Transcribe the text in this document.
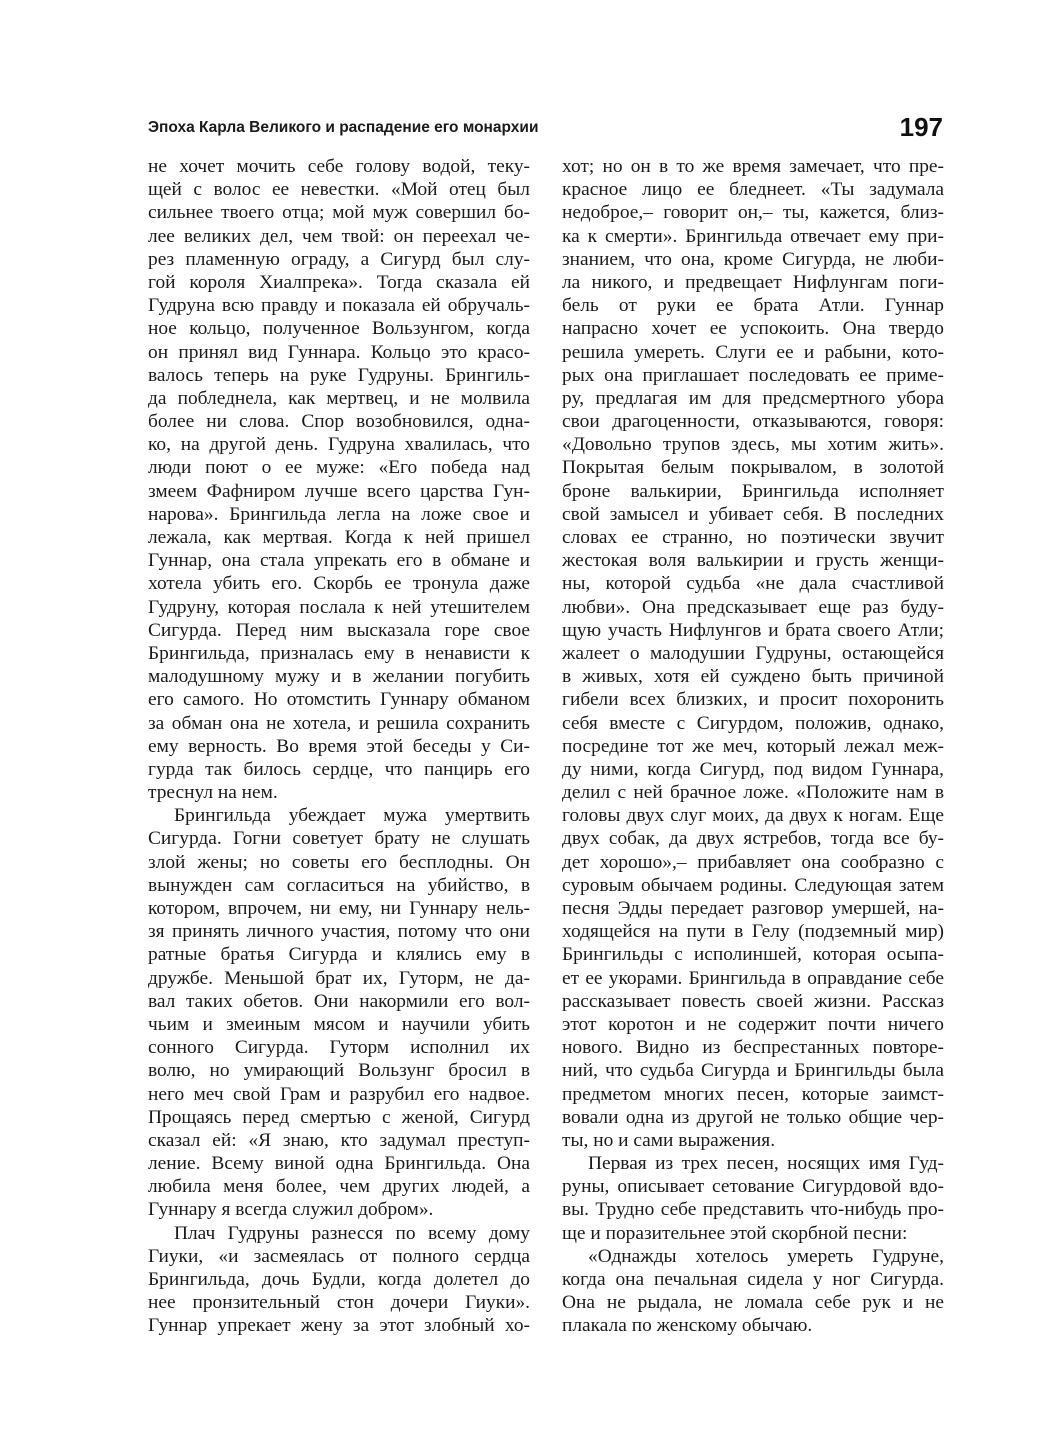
Эпоха Карла Великого и распадение его монархии	197
не хочет мочить себе голову водой, теку-
щей с волос ее невестки. «Мой отец был
сильнее твоего отца; мой муж совершил бо-
лее великих дел, чем твой: он переехал че-
рез пламенную ограду, а Сигурд был слу-
гой короля Хиалпрека». Тогда сказала ей
Гудруна всю правду и показала ей обручаль-
ное кольцо, полученное Вользунгом, когда
он принял вид Гуннара. Кольцо это красо-
валось теперь на руке Гудруны. Брингиль-
да побледнела, как мертвец, и не молвила
более ни слова. Спор возобновился, одна-
ко, на другой день. Гудруна хвалилась, что
люди поют о ее муже: «Его победа над
змеем Фафниром лучше всего царства Гун-
нарова». Брингильда легла на ложе свое и
лежала, как мертвая. Когда к ней пришел
Гуннар, она стала упрекать его в обмане и
хотела убить его. Скорбь ее тронула даже
Гудруну, которая послала к ней утешителем
Сигурда. Перед ним высказала горе свое
Брингильда, призналась ему в ненависти к
малодушному мужу и в желании погубить
его самого. Но отомстить Гуннару обманом
за обман она не хотела, и решила сохранить
ему верность. Во время этой беседы у Си-
гурда так билось сердце, что панцирь его
треснул на нем.
Брингильда убеждает мужа умертвить
Сигурда. Гогни советует брату не слушать
злой жены; но советы его бесплодны. Он
вынужден сам согласиться на убийство, в
котором, впрочем, ни ему, ни Гуннару нель-
зя принять личного участия, потому что они
ратные братья Сигурда и клялись ему в
дружбе. Меньшой брат их, Гуторм, не да-
вал таких обетов. Они накормили его вол-
чьим и змеиным мясом и научили убить
сонного Сигурда. Гуторм исполнил их
волю, но умирающий Вользунг бросил в
него меч свой Грам и разрубил его надвое.
Прощаясь перед смертью с женой, Сигурд
сказал ей: «Я знаю, кто задумал преступ-
ление. Всему виной одна Брингильда. Она
любила меня более, чем других людей, а
Гуннару я всегда служил добром».
Плач Гудруны разнесся по всему дому
Гиуки, «и засмеялась от полного сердца
Брингильда, дочь Будли, когда долетел до
нее пронзительный стон дочери Гиуки».
Гуннар упрекает жену за этот злобный хо-
хот; но он в то же время замечает, что пре-
красное лицо ее бледнеет. «Ты задумала
недоброе,– говорит он,– ты, кажется, близ-
ка к смерти». Брингильда отвечает ему при-
знанием, что она, кроме Сигурда, не люби-
ла никого, и предвещает Нифлунгам поги-
бель от руки ее брата Атли. Гуннар
напрасно хочет ее успокоить. Она твердо
решила умереть. Слуги ее и рабыни, кото-
рых она приглашает последовать ее приме-
ру, предлагая им для предсмертного убора
свои драгоценности, отказываются, говоря:
«Довольно трупов здесь, мы хотим жить».
Покрытая белым покрывалом, в золотой
броне валькирии, Брингильда исполняет
свой замысел и убивает себя. В последних
словах ее странно, но поэтически звучит
жестокая воля валькирии и грусть женщи-
ны, которой судьба «не дала счастливой
любви». Она предсказывает еще раз буду-
щую участь Нифлунгов и брата своего Атли;
жалеет о малодушии Гудруны, остающейся
в живых, хотя ей суждено быть причиной
гибели всех близких, и просит похоронить
себя вместе с Сигурдом, положив, однако,
посредине тот же меч, который лежал меж-
ду ними, когда Сигурд, под видом Гуннара,
делил с ней брачное ложе. «Положите нам в
головы двух слуг моих, да двух к ногам. Еще
двух собак, да двух ястребов, тогда все бу-
дет хорошо»,– прибавляет она сообразно с
суровым обычаем родины. Следующая затем
песня Эдды передает разговор умершей, на-
ходящейся на пути в Гелу (подземный мир)
Брингильды с исполиншей, которая осыпа-
ет ее укорами. Брингильда в оправдание себе
рассказывает повесть своей жизни. Рассказ
этот коротон и не содержит почти ничего
нового. Видно из беспрестанных повторе-
ний, что судьба Сигурда и Брингильды была
предметом многих песен, которые заимст-
вовали одна из другой не только общие чер-
ты, но и сами выражения.
Первая из трех песен, носящих имя Гуд-
руны, описывает сетование Сигурдовой вдо-
вы. Трудно себе представить что-нибудь про-
ще и поразительнее этой скорбной песни:
«Однажды хотелось умереть Гудруне,
когда она печальная сидела у ног Сигурда.
Она не рыдала, не ломала себе рук и не
плакала по женскому обычаю.
